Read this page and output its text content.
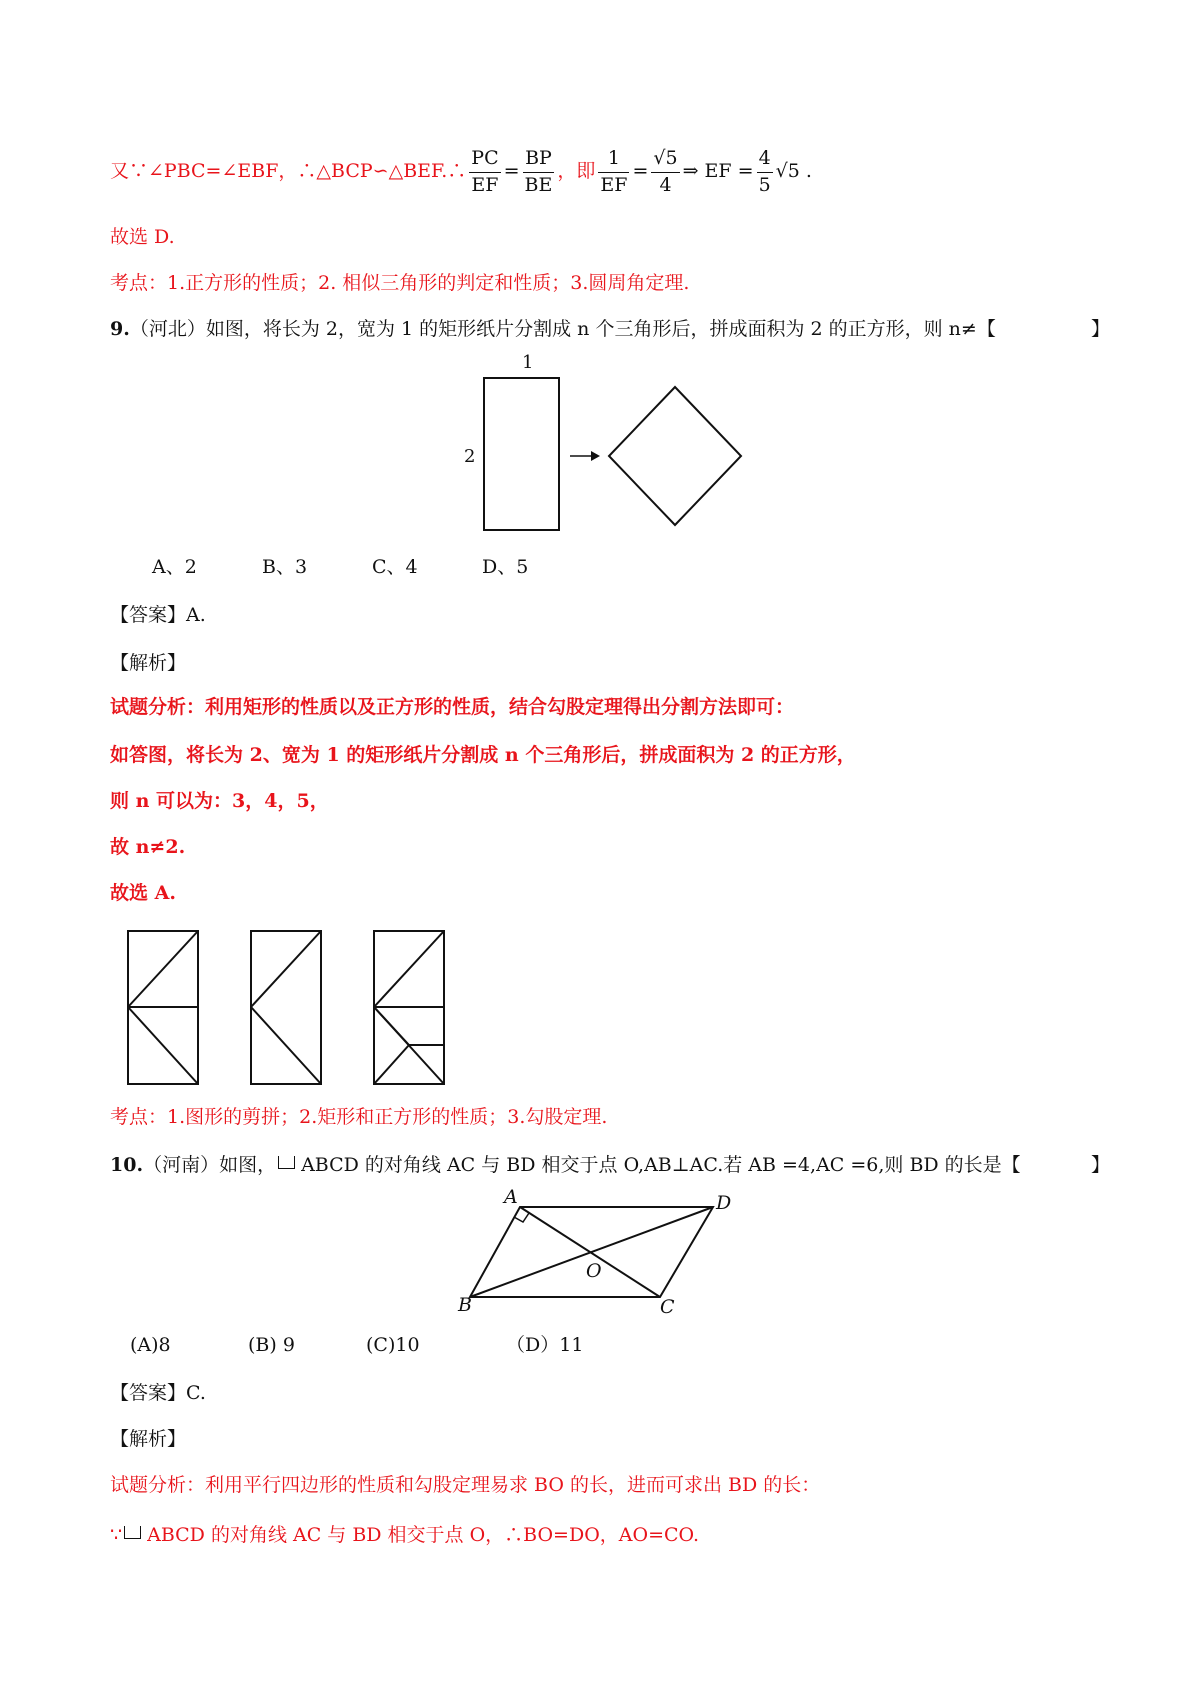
又∵∠PBC=∠EBF，∴△BCP∽△BEF.∴ $\frac{PC}{EF} = \frac{BP}{BE}$ ，即 $\frac{1}{EF} = \frac{√5}{4}$ ⇒ EF = $\frac{4}{5} √5$ .
故选 D.
考点：1.正方形的性质；2. 相似三角形的判定和性质；3.圆周角定理.
9.（河北）如图，将长为 2，宽为 1 的矩形纸片分割成 n 个三角形后，拼成面积为 2 的正方形，则 n≠【	】
1
2
A、2	B、3	C、4	D、5
【答案】A.
【解析】
试题分析：利用矩形的性质以及正方形的性质，结合勾股定理得出分割方法即可：
如答图，将长为 2、宽为 1 的矩形纸片分割成 n 个三角形后，拼成面积为 2 的正方形，
则 n 可以为：3，4，5，
故 n≠2.
故选 A.
考点：1.图形的剪拼；2.矩形和正方形的性质；3.勾股定理.
10.（河南）如图， ABCD 的对角线 AC 与 BD 相交于点 O,AB⊥AC.若 AB =4,AC =6,则 BD 的长是【	】
A	D
O
B	C
(A)8	(B) 9	(C)10	（D）11
【答案】C.
【解析】
试题分析：利用平行四边形的性质和勾股定理易求 BO 的长，进而可求出 BD 的长：
∵ ABCD 的对角线 AC 与 BD 相交于点 O，∴BO=DO，AO=CO.
